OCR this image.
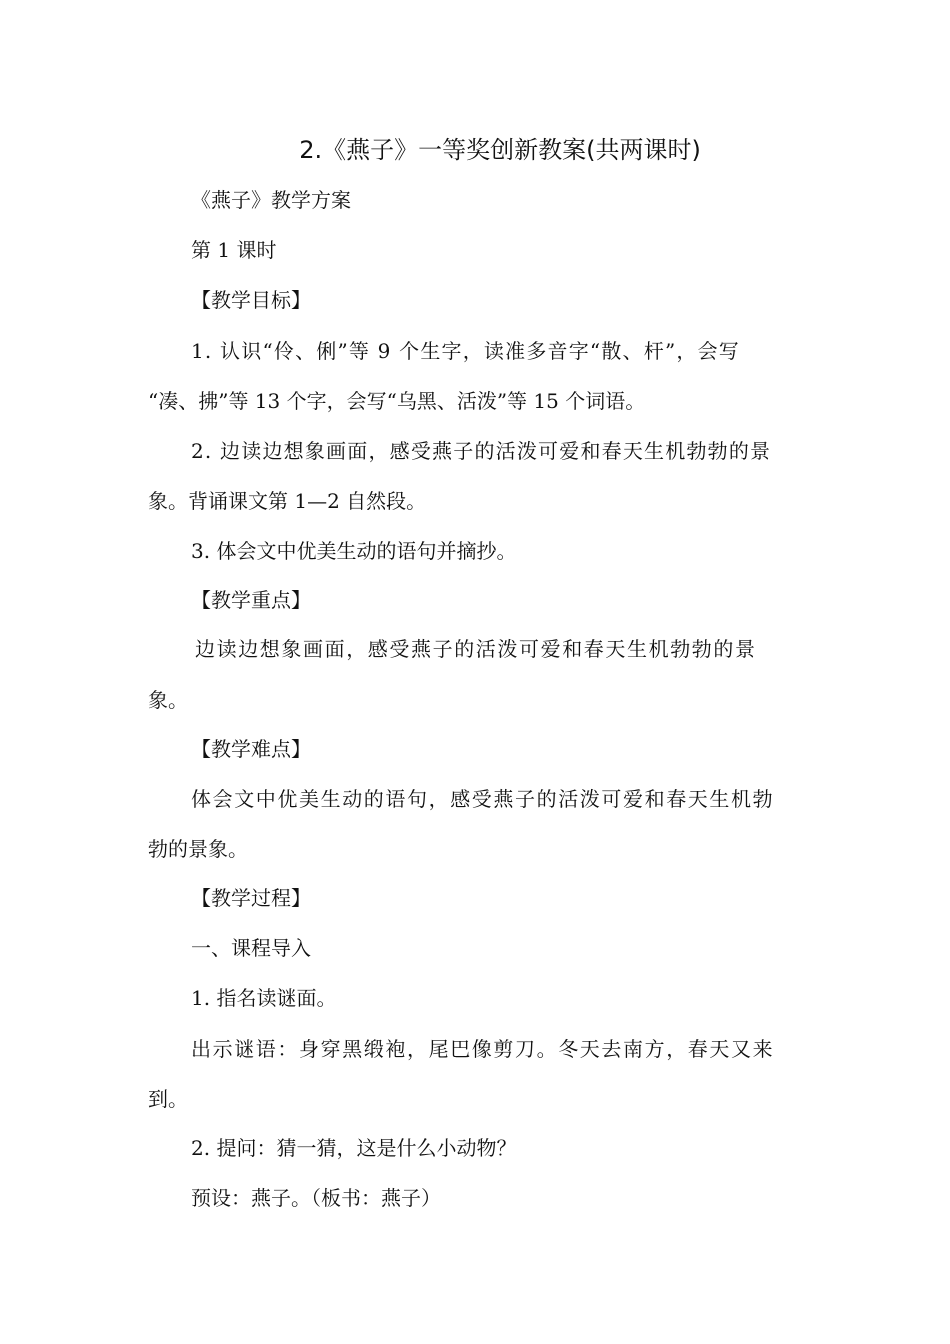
2.《燕子》一等奖创新教案(共两课时)
《燕子》教学方案
第 1 课时
【教学目标】
1. 认识“伶、俐”等 9 个生字，读准多音字“散、杆”，会写
“凑、拂”等 13 个字，会写“乌黑、活泼”等 15 个词语。
2. 边读边想象画面，感受燕子的活泼可爱和春天生机勃勃的景
象。背诵课文第 1—2 自然段。
3. 体会文中优美生动的语句并摘抄。
【教学重点】
边读边想象画面，感受燕子的活泼可爱和春天生机勃勃的景
象。
【教学难点】
体会文中优美生动的语句，感受燕子的活泼可爱和春天生机勃
勃的景象。
【教学过程】
一、课程导入
1. 指名读谜面。
出示谜语：身穿黑缎袍，尾巴像剪刀。冬天去南方，春天又来
到。
2. 提问：猜一猜，这是什么小动物？
预设：燕子。（板书：燕子）
